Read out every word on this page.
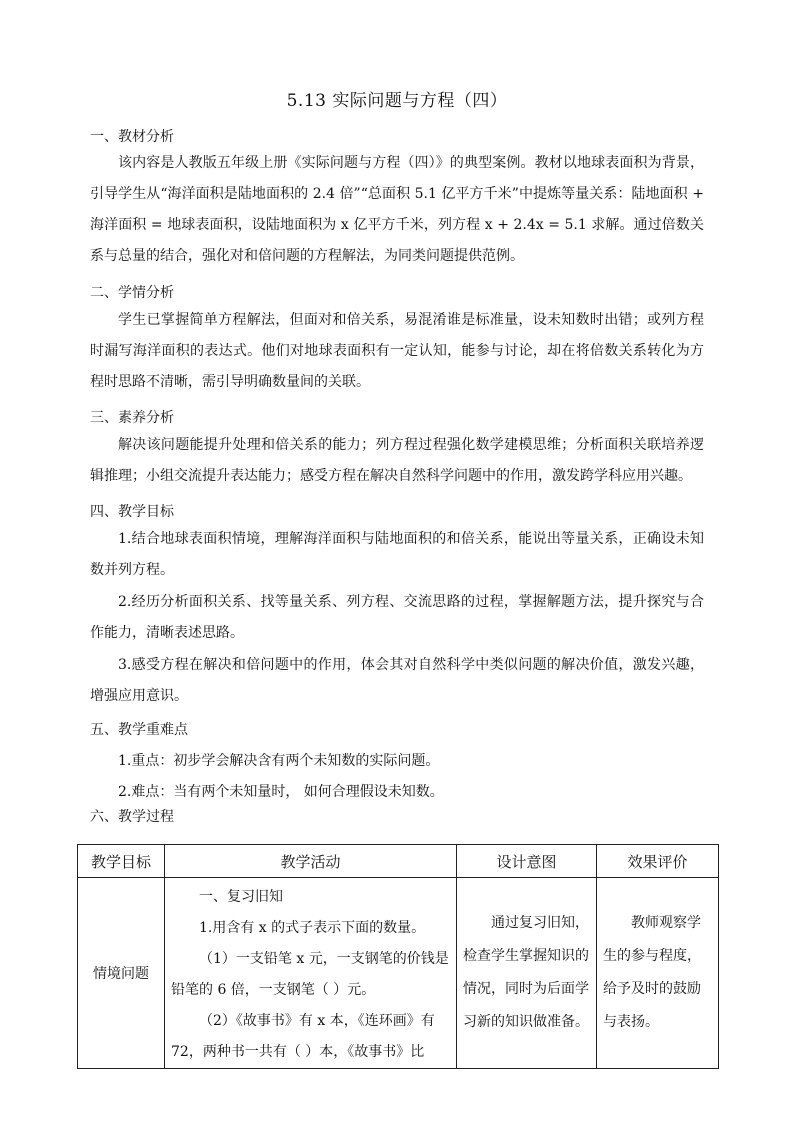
5.13 实际问题与方程（四）
一、教材分析

该内容是人教版五年级上册《实际问题与方程（四）》的典型案例。教材以地球表面积为背景，引导学生从“海洋面积是陆地面积的 2.4 倍”“总面积 5.1 亿平方千米”中提炼等量关系：陆地面积 + 海洋面积 = 地球表面积，设陆地面积为 x 亿平方千米，列方程 x + 2.4x = 5.1 求解。通过倍数关系与总量的结合，强化对和倍问题的方程解法，为同类问题提供范例。

二、学情分析

学生已掌握简单方程解法，但面对和倍关系，易混淆谁是标准量，设未知数时出错；或列方程时漏写海洋面积的表达式。他们对地球表面积有一定认知，能参与讨论，却在将倍数关系转化为方程时思路不清晰，需引导明确数量间的关联。

三、素养分析

解决该问题能提升处理和倍关系的能力；列方程过程强化数学建模思维；分析面积关联培养逻辑推理；小组交流提升表达能力；感受方程在解决自然科学问题中的作用，激发跨学科应用兴趣。

四、教学目标

1.结合地球表面积情境，理解海洋面积与陆地面积的和倍关系，能说出等量关系，正确设未知数并列方程。

2.经历分析面积关系、找等量关系、列方程、交流思路的过程，掌握解题方法，提升探究与合作能力，清晰表述思路。

3.感受方程在解决和倍问题中的作用，体会其对自然科学中类似问题的解决价值，激发兴趣，增强应用意识。

五、教学重难点
1.重点：初步学会解决含有两个未知数的实际问题。
2.难点：当有两个未知量时， 如何合理假设未知数。
六、教学过程
教学目标	教学活动	设计意图	效果评价
情境问题	一、复习旧知

1.用含有 x 的式子表示下面的数量。

（1）一支铅笔 x 元，一支钢笔的价钱是铅笔的 6 倍，一支钢笔（ ）元。

（2）《故事书》有 x 本，《连环画》有 72，两种书一共有（ ）本，《故事书》比	通过复习旧知，检查学生掌握知识的情况，同时为后面学习新的知识做准备。	教师观察学生的参与程度，给予及时的鼓励与表扬。
